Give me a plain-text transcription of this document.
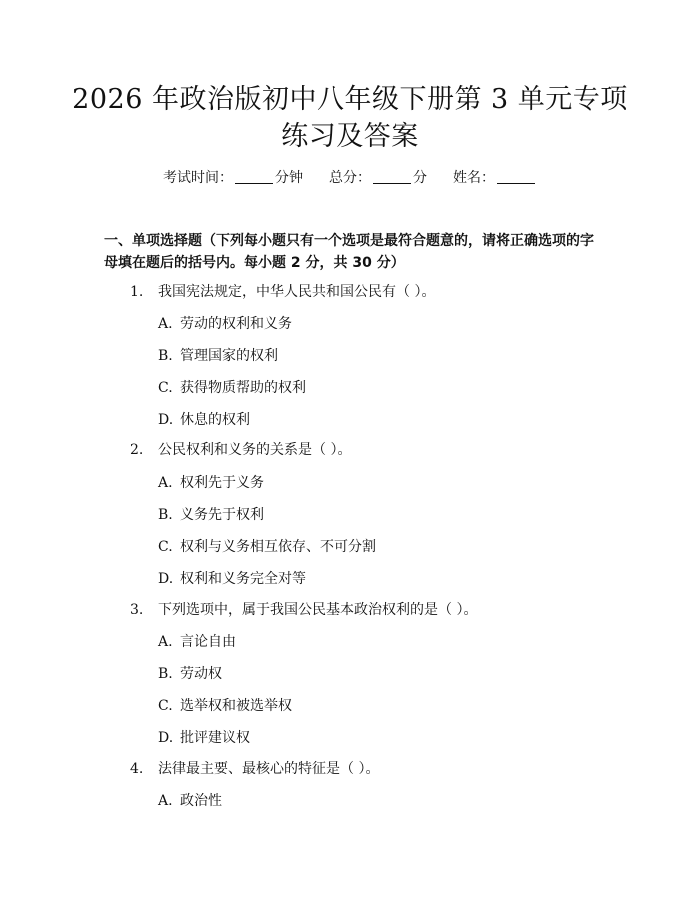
2026 年政治版初中八年级下册第 3 单元专项
练习及答案
考试时间：	分钟 总分：	分 姓名：
一、单项选择题（下列每小题只有一个选项是最符合题意的，请将正确选项的字母填在题后的括号内。每小题 2 分，共 30 分）
1. 我国宪法规定，中华人民共和国公民有（ ）。
A. 劳动的权利和义务
B. 管理国家的权利
C. 获得物质帮助的权利
D. 休息的权利
2. 公民权利和义务的关系是（ ）。
A. 权利先于义务
B. 义务先于权利
C. 权利与义务相互依存、不可分割
D. 权利和义务完全对等
3. 下列选项中，属于我国公民基本政治权利的是（ ）。
A. 言论自由
B. 劳动权
C. 选举权和被选举权
D. 批评建议权
4. 法律最主要、最核心的特征是（ ）。
A. 政治性
